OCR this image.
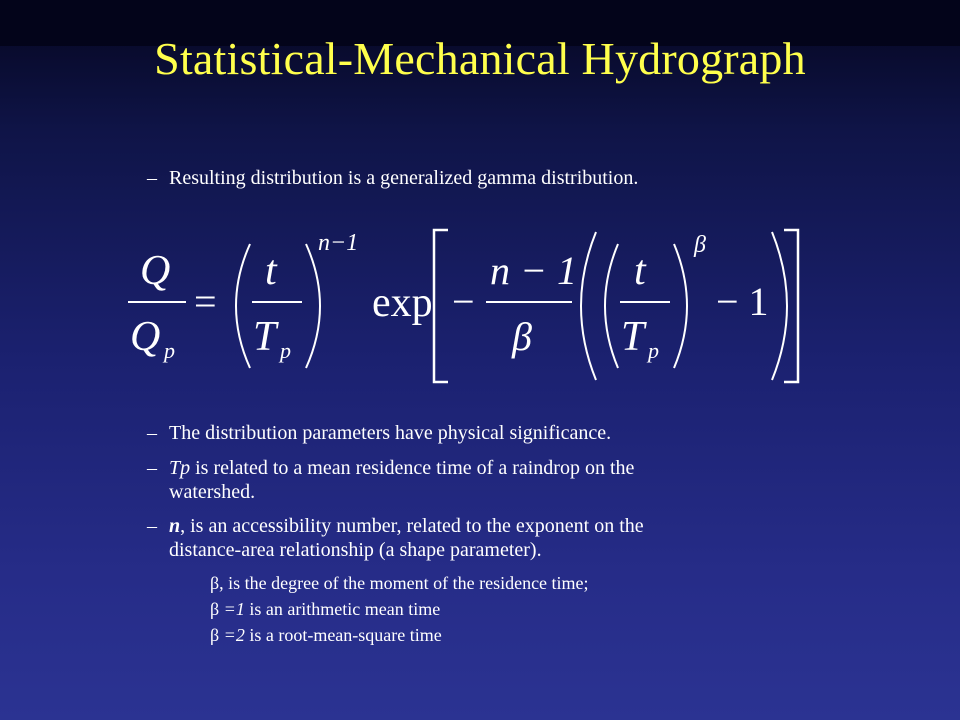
Statistical-Mechanical Hydrograph
– Resulting distribution is a generalized gamma distribution.
Q
Q p
=
t
T p
n−1
exp −
n − 1
β
t
T p
β
− 1
– The distribution parameters have physical significance.
– Tp is related to a mean residence time of a raindrop on the
watershed.
– n, is an accessibility number, related to the exponent on the
distance-area relationship (a shape parameter).
β, is the degree of the moment of the residence time;
β =1 is an arithmetic mean time
β =2 is a root-mean-square time
